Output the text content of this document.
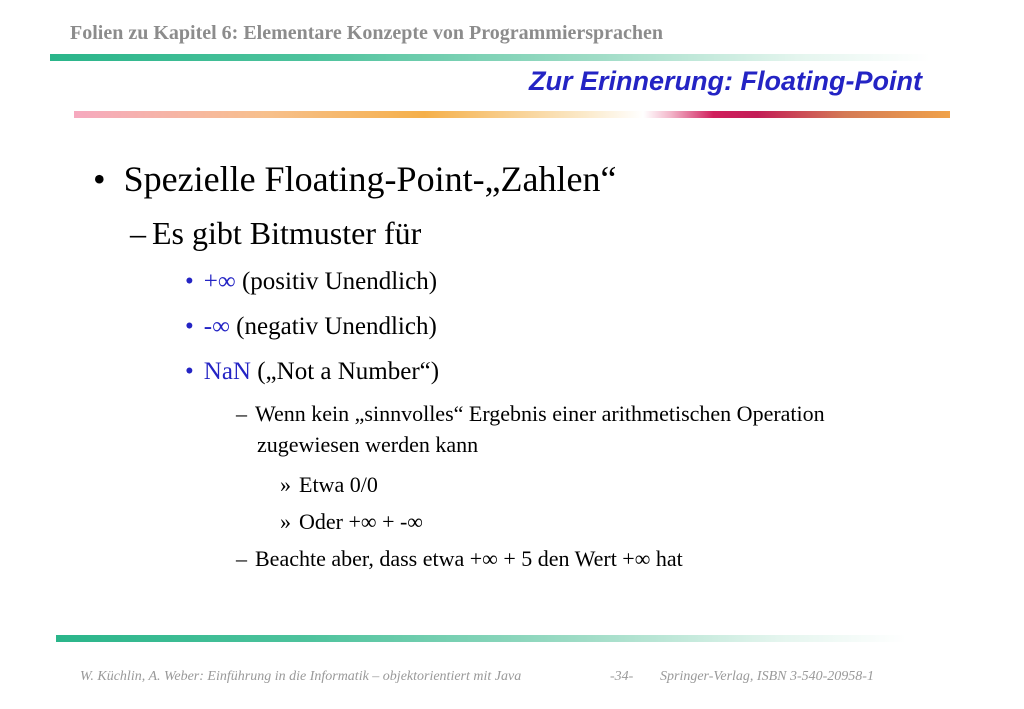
Folien zu Kapitel 6: Elementare Konzepte von Programmiersprachen
Zur Erinnerung: Floating-Point
• Spezielle Floating-Point-„Zahlen“
– Es gibt Bitmuster für
• +∞ (positiv Unendlich)
• -∞ (negativ Unendlich)
• NaN („Not a Number“)
– Wenn kein „sinnvolles“ Ergebnis einer arithmetischen Operation
zugewiesen werden kann
» Etwa 0/0
» Oder +∞ + -∞
– Beachte aber, dass etwa +∞ + 5 den Wert +∞ hat
W. Küchlin, A. Weber: Einführung in die Informatik – objektorientiert mit Java	-34- Springer-Verlag, ISBN 3-540-20958-1
